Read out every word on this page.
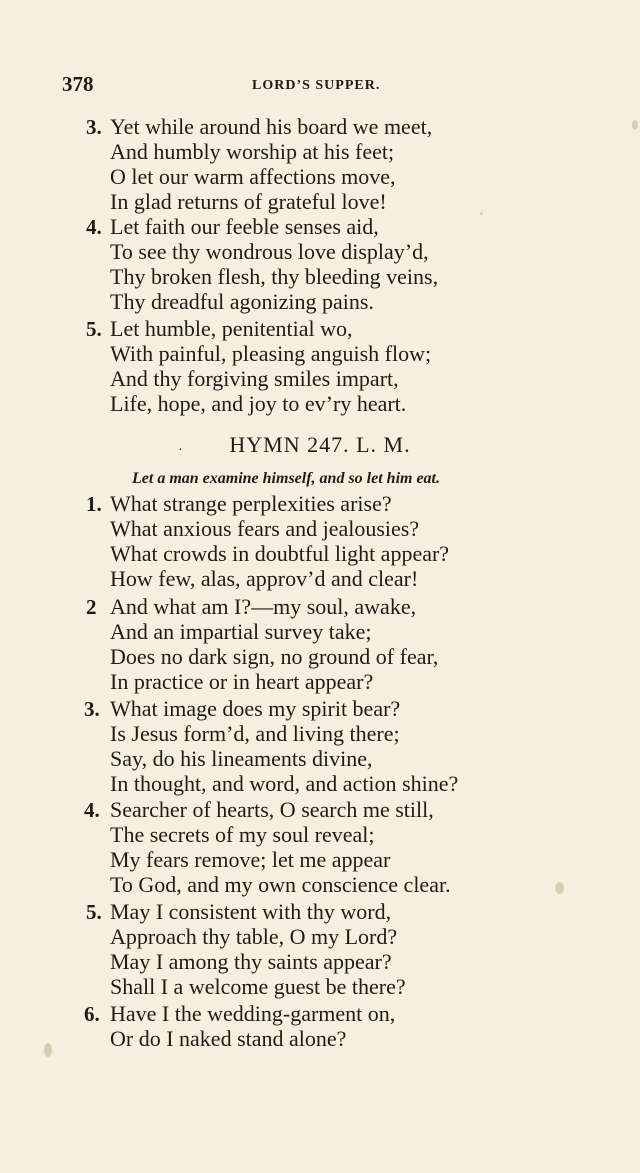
378	LORD’S SUPPER.
3. Yet while around his board we meet,
And humbly worship at his feet;
O let our warm affections move,
In glad returns of grateful love!
4. Let faith our feeble senses aid,
To see thy wondrous love display’d,
Thy broken flesh, thy bleeding veins,
Thy dreadful agonizing pains.
5. Let humble, penitential wo,
With painful, pleasing anguish flow;
And thy forgiving smiles impart,
Life, hope, and joy to ev’ry heart.
·	HYMN 247. L. M.
Let a man examine himself, and so let him eat.
1. What strange perplexities arise?
What anxious fears and jealousies?
What crowds in doubtful light appear?
How few, alas, approv’d and clear!
2 And what am I?—my soul, awake,
And an impartial survey take;
Does no dark sign, no ground of fear,
In practice or in heart appear?
3. What image does my spirit bear?
Is Jesus form’d, and living there;
Say, do his lineaments divine,
In thought, and word, and action shine?
4. Searcher of hearts, O search me still,
The secrets of my soul reveal;
My fears remove; let me appear
To God, and my own conscience clear.
5. May I consistent with thy word,
Approach thy table, O my Lord?
May I among thy saints appear?
Shall I a welcome guest be there?
6. Have I the wedding-garment on,
Or do I naked stand alone?
